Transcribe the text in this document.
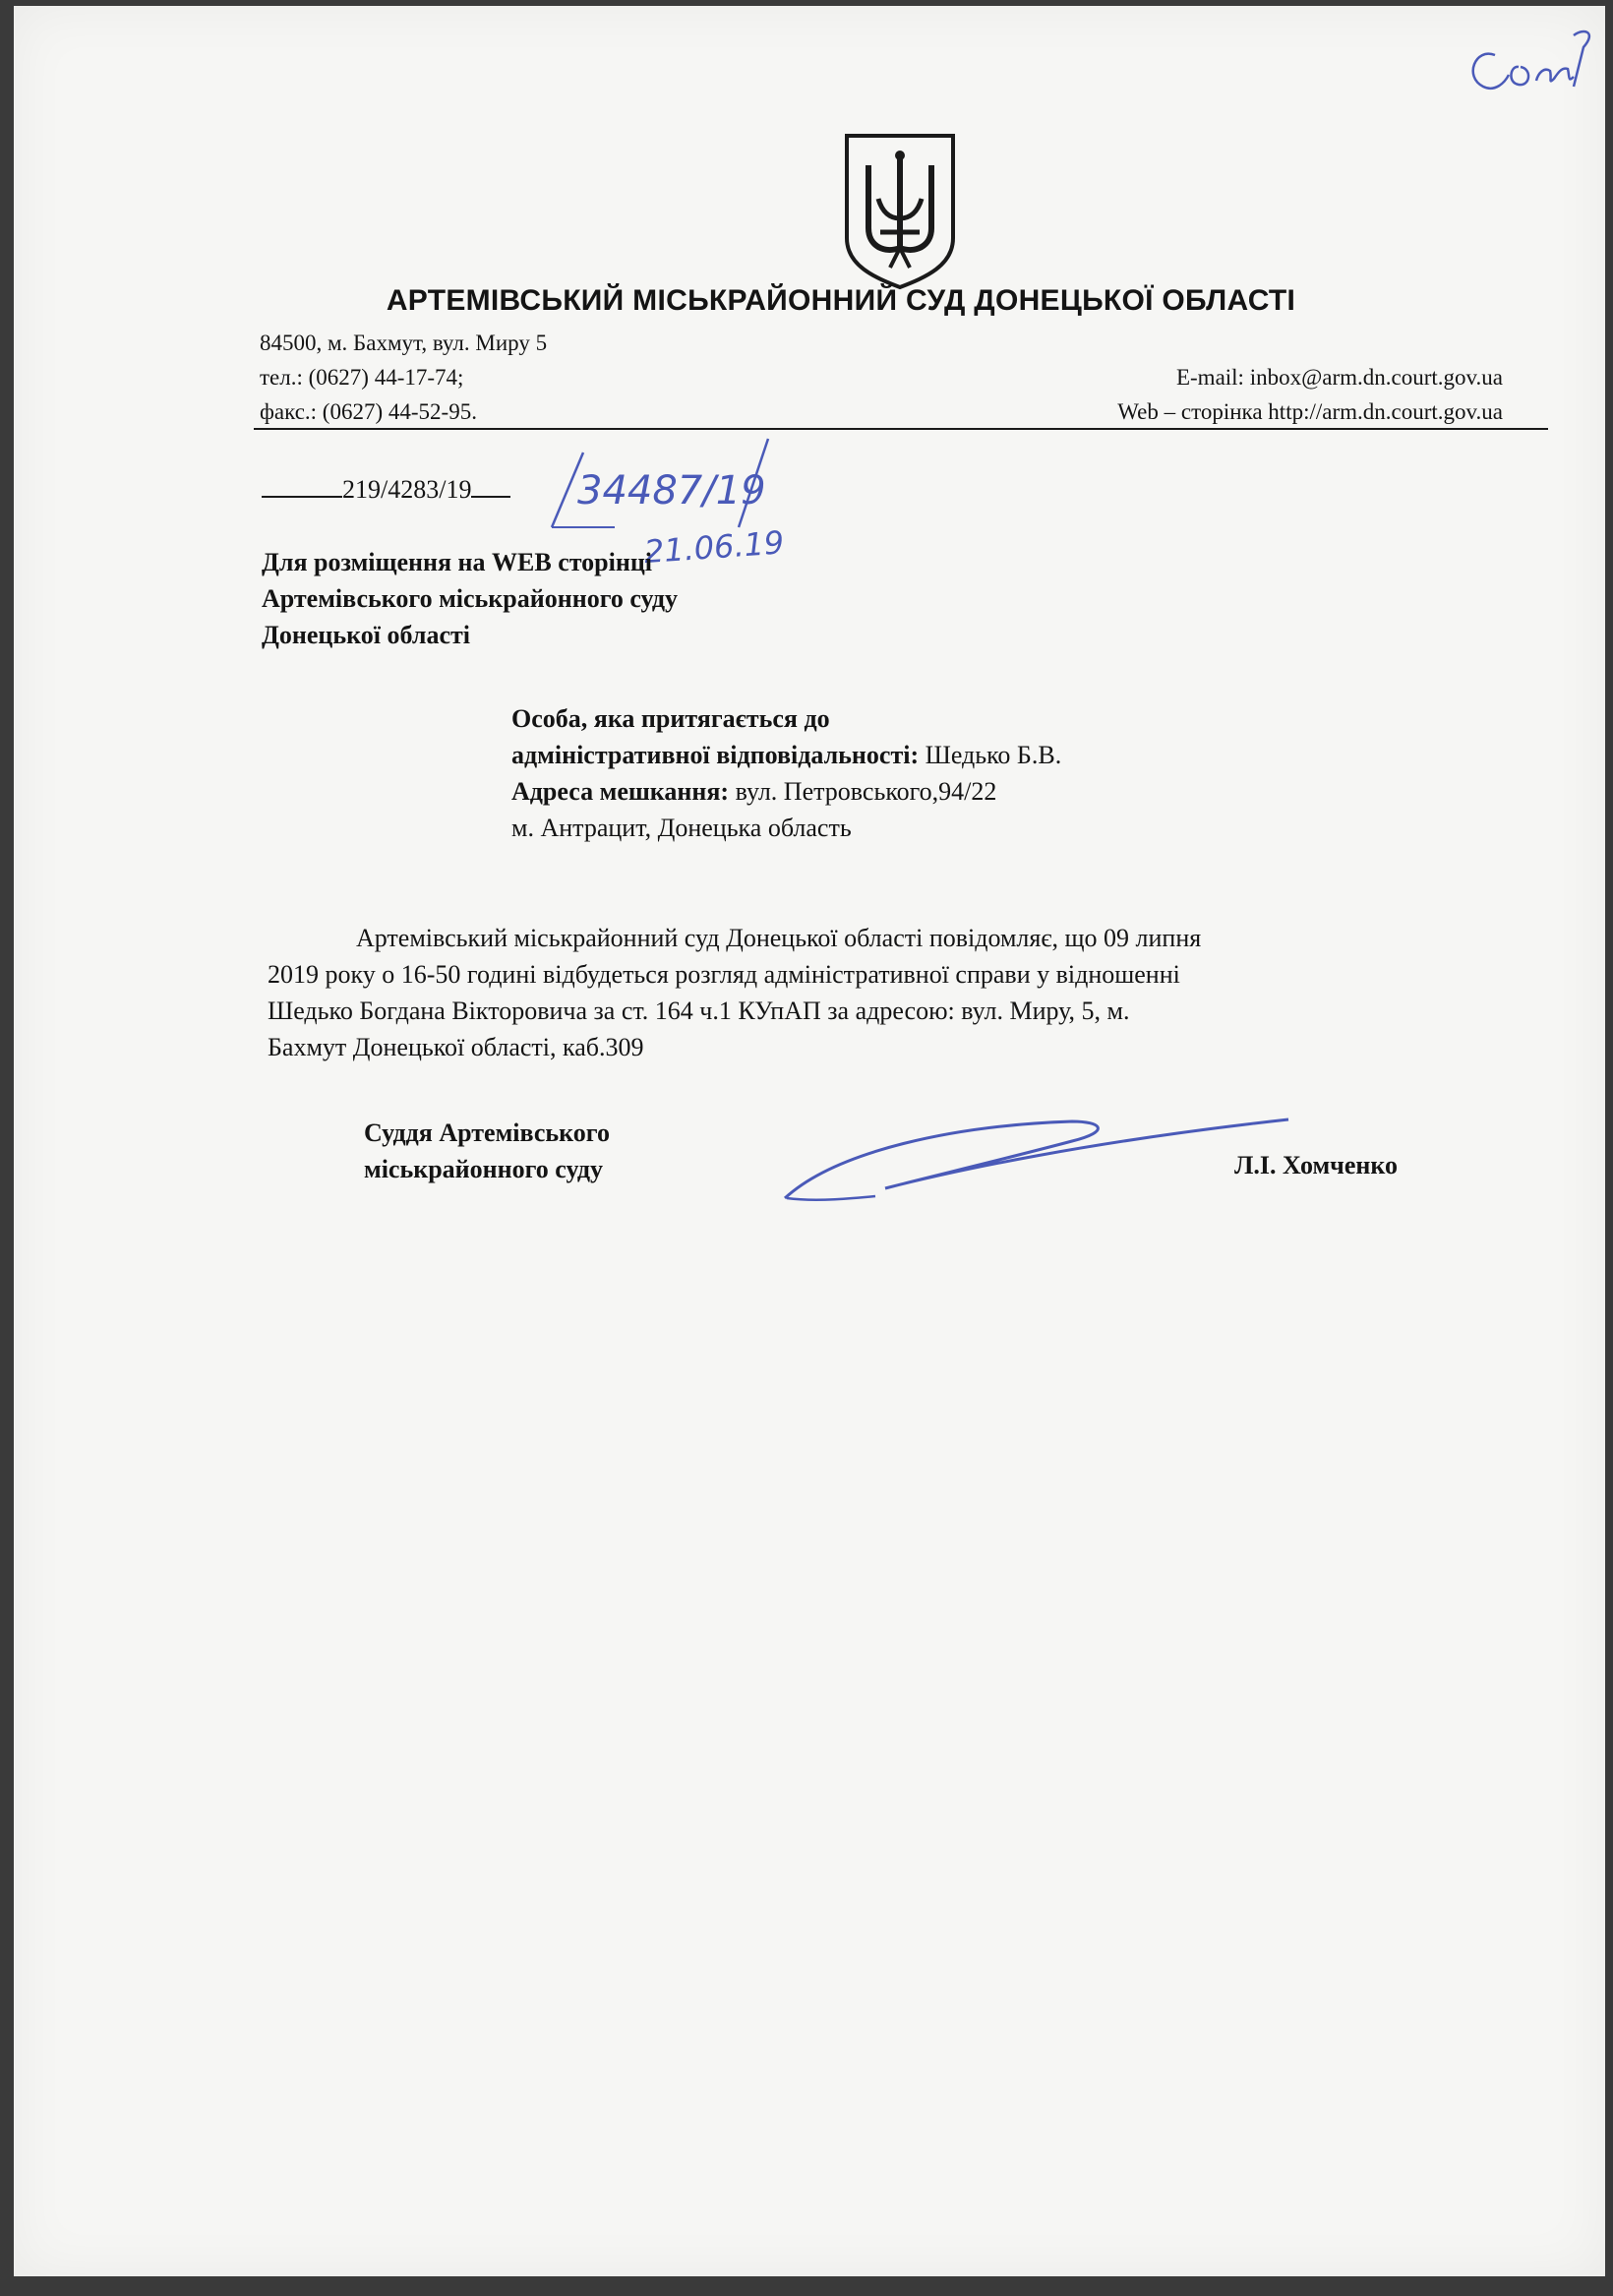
Сем
АРТЕМІВСЬКИЙ МІСЬКРАЙОННИЙ СУД ДОНЕЦЬКОЇ ОБЛАСТІ
84500, м. Бахмут, вул. Миру 5
тел.: (0627) 44-17-74;
факс.: (0627) 44-52-95.
E-mail: inbox@arm.dn.court.gov.ua
Web – сторінка http://arm.dn.court.gov.ua
219/4283/19	34487/19
21.06.19
Для розміщення на WEB сторінці
Артемівського міськрайонного суду
Донецької області
Особа, яка притягається до
адміністративної відповідальності: Шедько Б.В.
Адреса мешкання: вул. Петровського,94/22
м. Антрацит, Донецька область
Артемівський міськрайонний суд Донецької області повідомляє, що 09 липня
2019 року о 16-50 годині відбудеться розгляд адміністративної справи у відношенні
Шедько Богдана Вікторовича за ст. 164 ч.1 КУпАП за адресою: вул. Миру, 5, м.
Бахмут Донецької області, каб.309
Суддя Артемівського
міськрайонного суду	Л.І. Хомченко
